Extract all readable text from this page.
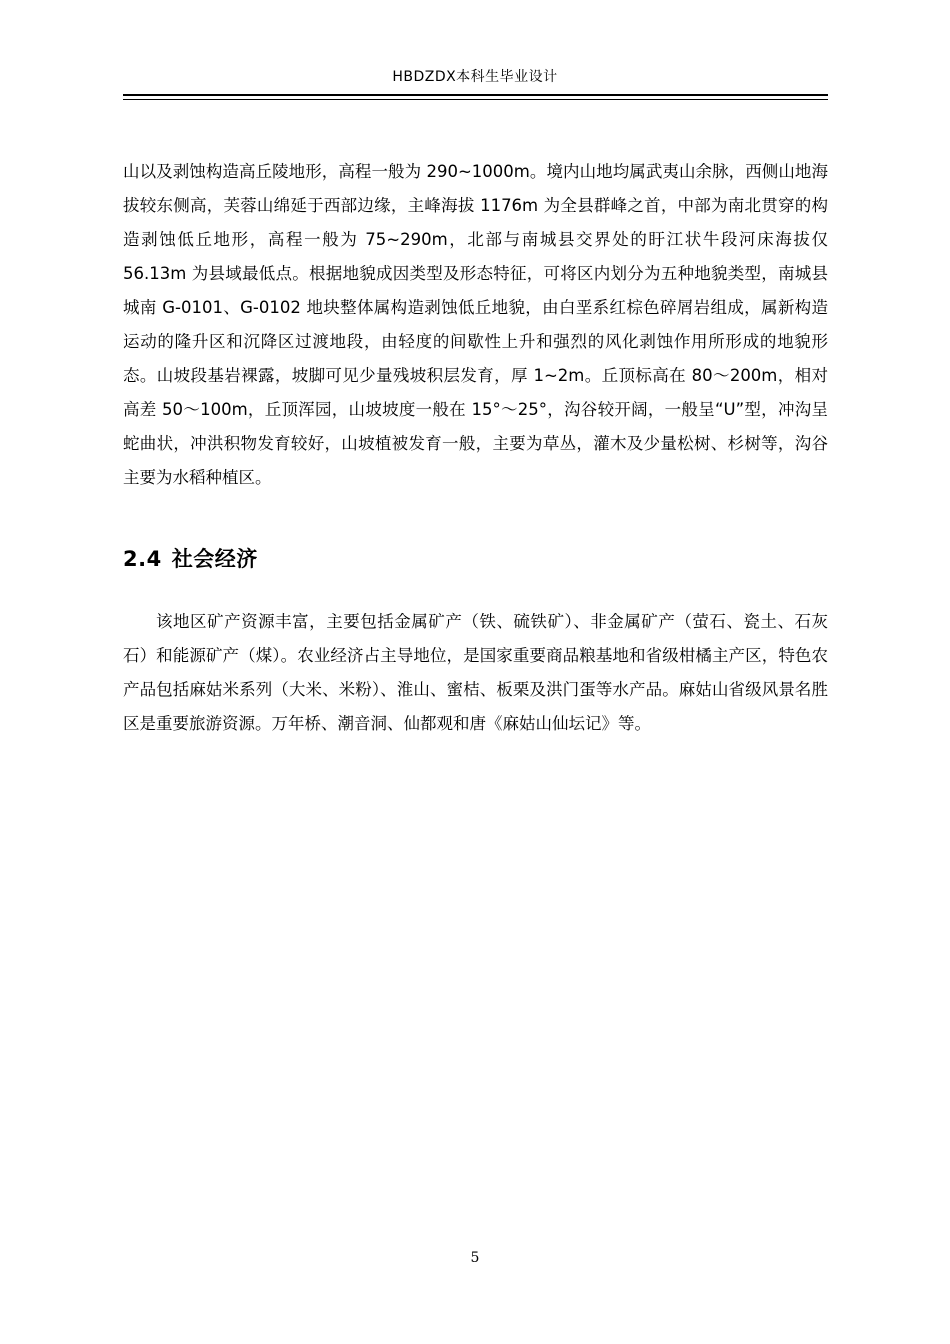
HBDZDX本科生毕业设计

山以及剥蚀构造高丘陵地形，高程一般为 290~1000m。境内山地均属武夷山余脉，西侧山地海拔较东侧高，芙蓉山绵延于西部边缘，主峰海拔 1176m 为全县群峰之首，中部为南北贯穿的构造剥蚀低丘地形，高程一般为 75~290m，北部与南城县交界处的盱江状牛段河床海拔仅 56.13m 为县域最低点。根据地貌成因类型及形态特征，可将区内划分为五种地貌类型，南城县城南 G-0101、G-0102 地块整体属构造剥蚀低丘地貌，由白垩系红棕色碎屑岩组成，属新构造运动的隆升区和沉降区过渡地段，由轻度的间歇性上升和强烈的风化剥蚀作用所形成的地貌形态。山坡段基岩裸露，坡脚可见少量残坡积层发育，厚 1~2m。丘顶标高在 80～200m，相对高差 50～100m，丘顶浑园，山坡坡度一般在 15°～25°，沟谷较开阔，一般呈“U”型，冲沟呈蛇曲状，冲洪积物发育较好，山坡植被发育一般，主要为草丛，灌木及少量松树、杉树等，沟谷主要为水稻种植区。

2.4 社会经济

该地区矿产资源丰富，主要包括金属矿产（铁、硫铁矿）、非金属矿产（萤石、瓷土、石灰石）和能源矿产（煤）。农业经济占主导地位，是国家重要商品粮基地和省级柑橘主产区，特色农产品包括麻姑米系列（大米、米粉）、淮山、蜜桔、板栗及洪门蛋等水产品。麻姑山省级风景名胜区是重要旅游资源。万年桥、潮音洞、仙都观和唐《麻姑山仙坛记》等。

5
